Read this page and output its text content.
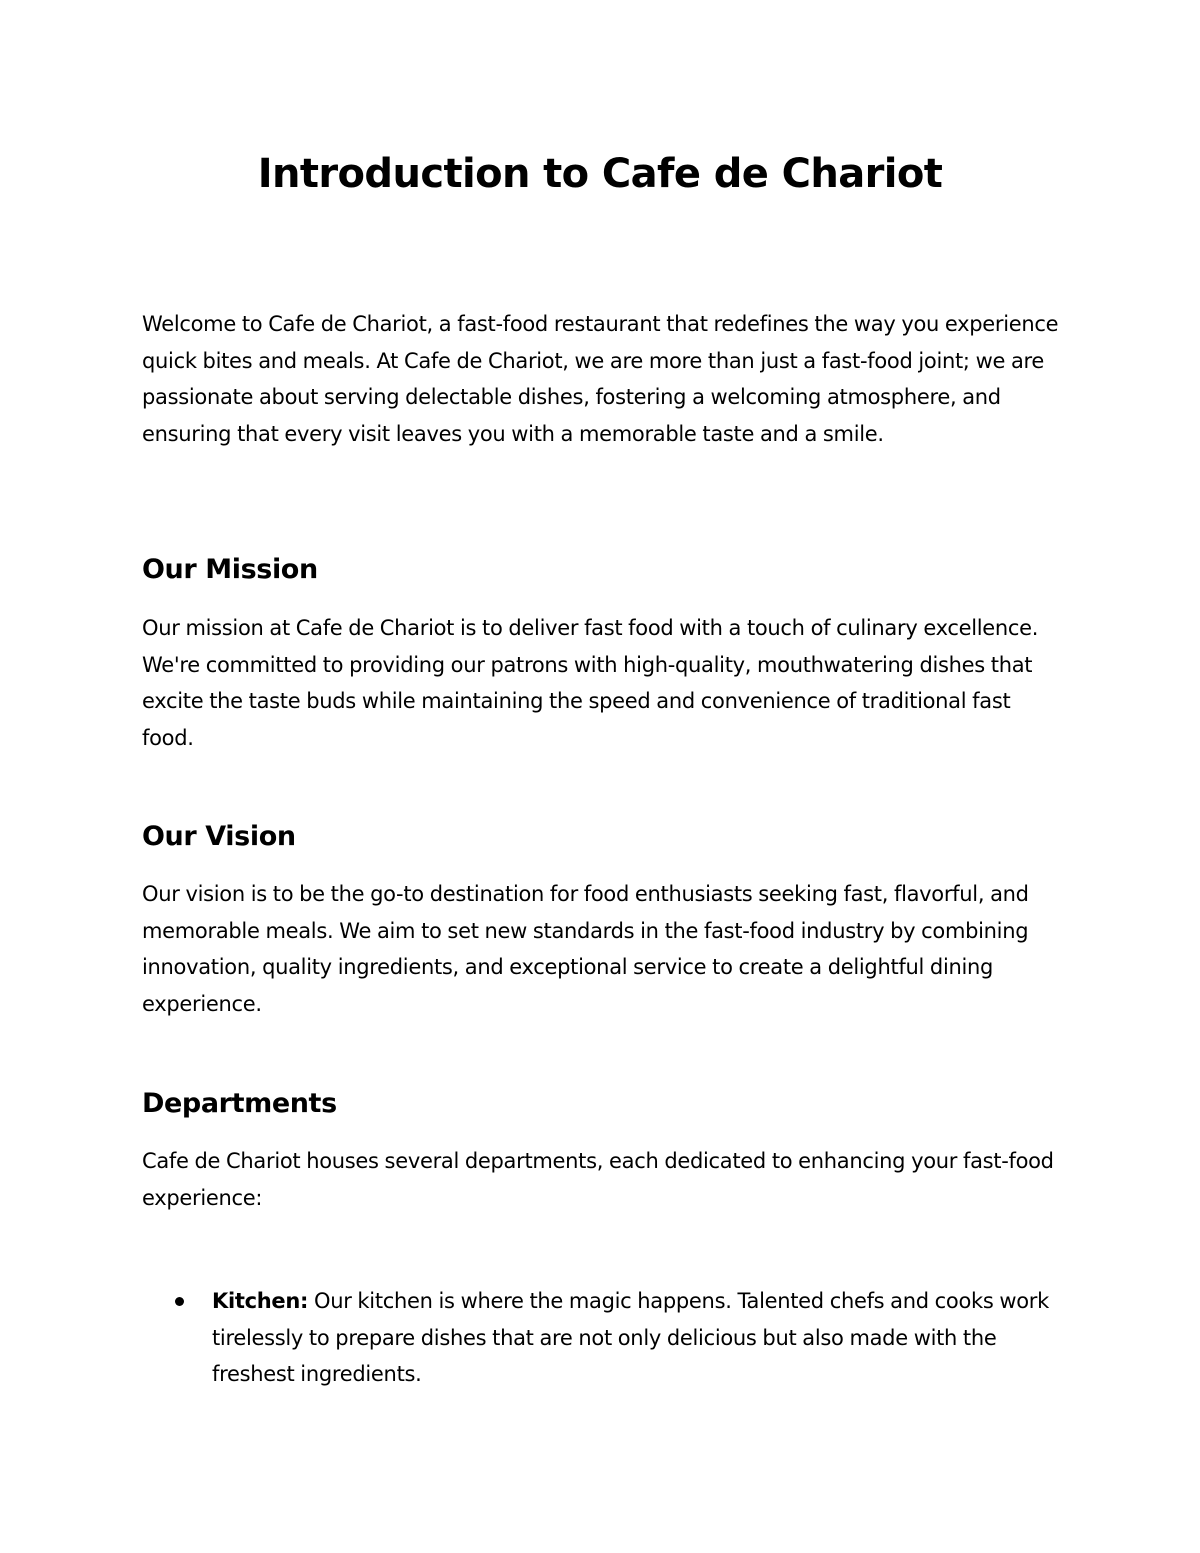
Introduction to Cafe de Chariot

Welcome to Cafe de Chariot, a fast-food restaurant that redefines the way you experience quick bites and meals. At Cafe de Chariot, we are more than just a fast-food joint; we are passionate about serving delectable dishes, fostering a welcoming atmosphere, and ensuring that every visit leaves you with a memorable taste and a smile.

Our Mission

Our mission at Cafe de Chariot is to deliver fast food with a touch of culinary excellence. We're committed to providing our patrons with high-quality, mouthwatering dishes that excite the taste buds while maintaining the speed and convenience of traditional fast food.

Our Vision

Our vision is to be the go-to destination for food enthusiasts seeking fast, flavorful, and memorable meals. We aim to set new standards in the fast-food industry by combining innovation, quality ingredients, and exceptional service to create a delightful dining experience.

Departments

Cafe de Chariot houses several departments, each dedicated to enhancing your fast-food experience:

Kitchen: Our kitchen is where the magic happens. Talented chefs and cooks work tirelessly to prepare dishes that are not only delicious but also made with the freshest ingredients.
